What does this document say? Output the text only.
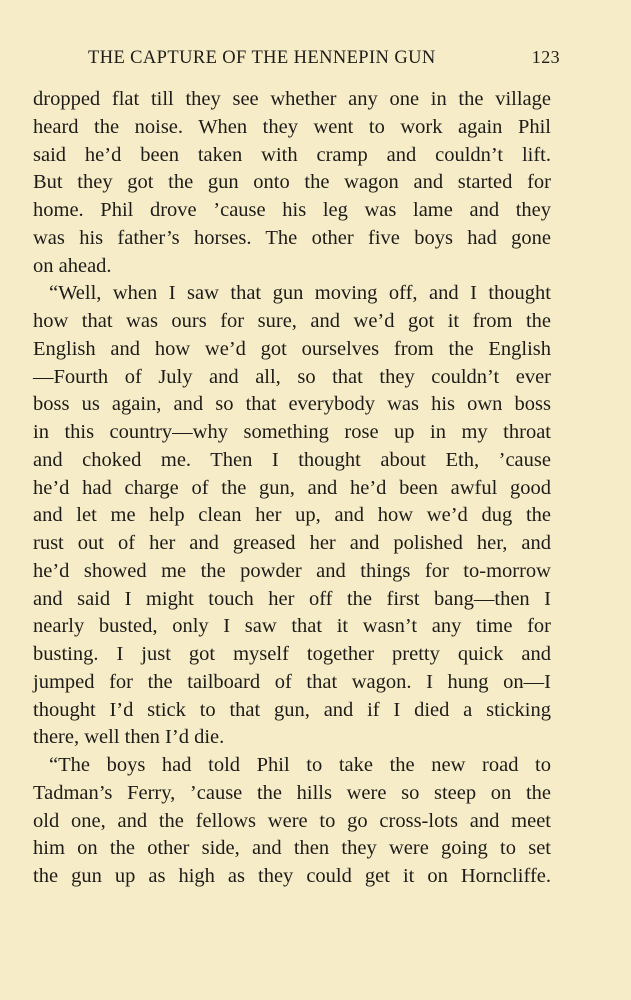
THE CAPTURE OF THE HENNEPIN GUN	123
dropped flat till they see whether any one in the village
heard the noise. When they went to work again Phil
said he’d been taken with cramp and couldn’t lift.
But they got the gun onto the wagon and started for
home. Phil drove ’cause his leg was lame and they
was his father’s horses. The other five boys had gone
on ahead.
“Well, when I saw that gun moving off, and I thought
how that was ours for sure, and we’d got it from the
English and how we’d got ourselves from the English
—Fourth of July and all, so that they couldn’t ever
boss us again, and so that everybody was his own boss
in this country—why something rose up in my throat
and choked me. Then I thought about Eth, ’cause
he’d had charge of the gun, and he’d been awful good
and let me help clean her up, and how we’d dug the
rust out of her and greased her and polished her, and
he’d showed me the powder and things for to-morrow
and said I might touch her off the first bang—then I
nearly busted, only I saw that it wasn’t any time for
busting. I just got myself together pretty quick and
jumped for the tailboard of that wagon. I hung on—I
thought I’d stick to that gun, and if I died a sticking
there, well then I’d die.
“The boys had told Phil to take the new road to
Tadman’s Ferry, ’cause the hills were so steep on the
old one, and the fellows were to go cross-lots and meet
him on the other side, and then they were going to set
the gun up as high as they could get it on Horncliffe.
